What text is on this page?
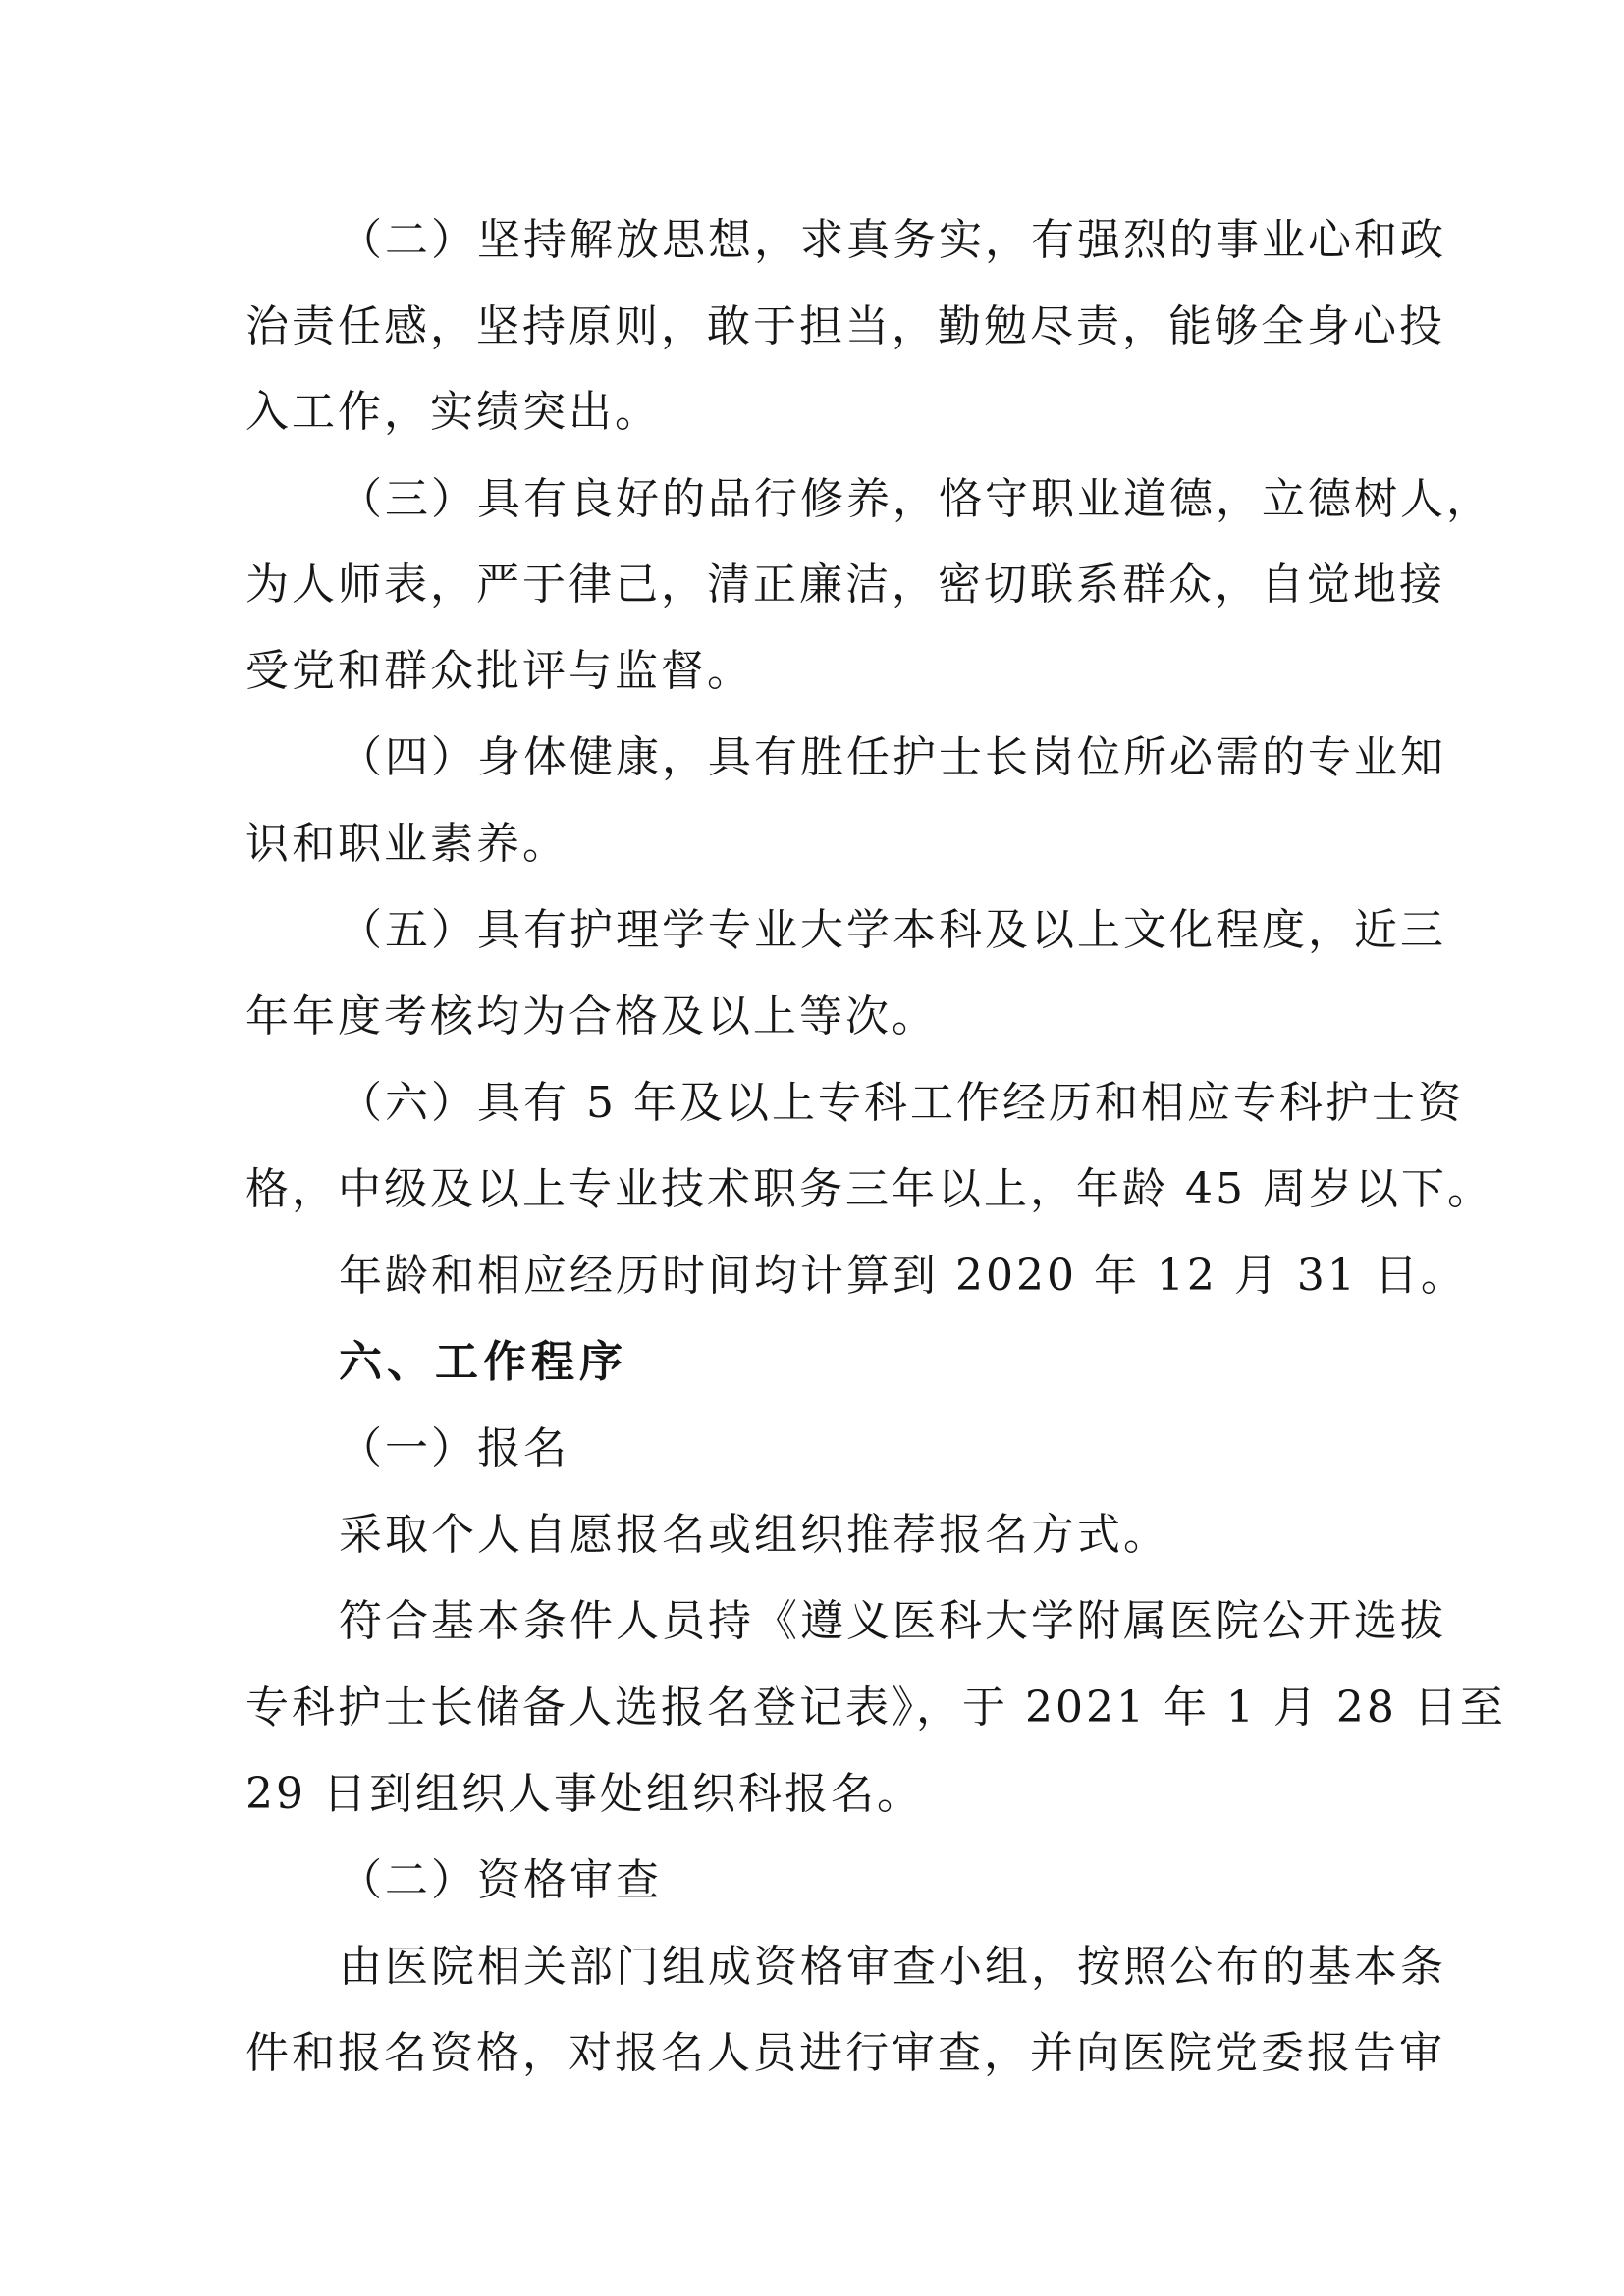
（二）坚持解放思想，求真务实，有强烈的事业心和政
治责任感，坚持原则，敢于担当，勤勉尽责，能够全身心投
入工作，实绩突出。
（三）具有良好的品行修养，恪守职业道德，立德树人，
为人师表，严于律己，清正廉洁，密切联系群众，自觉地接
受党和群众批评与监督。
（四）身体健康，具有胜任护士长岗位所必需的专业知
识和职业素养。
（五）具有护理学专业大学本科及以上文化程度，近三
年年度考核均为合格及以上等次。
（六）具有 5 年及以上专科工作经历和相应专科护士资
格，中级及以上专业技术职务三年以上，年龄 45 周岁以下。
年龄和相应经历时间均计算到 2020 年 12 月 31 日。
六、工作程序
（一）报名
采取个人自愿报名或组织推荐报名方式。
符合基本条件人员持《遵义医科大学附属医院公开选拔
专科护士长储备人选报名登记表》，于 2021 年 1 月 28 日至
29 日到组织人事处组织科报名。
（二）资格审查
由医院相关部门组成资格审查小组，按照公布的基本条
件和报名资格，对报名人员进行审查，并向医院党委报告审
